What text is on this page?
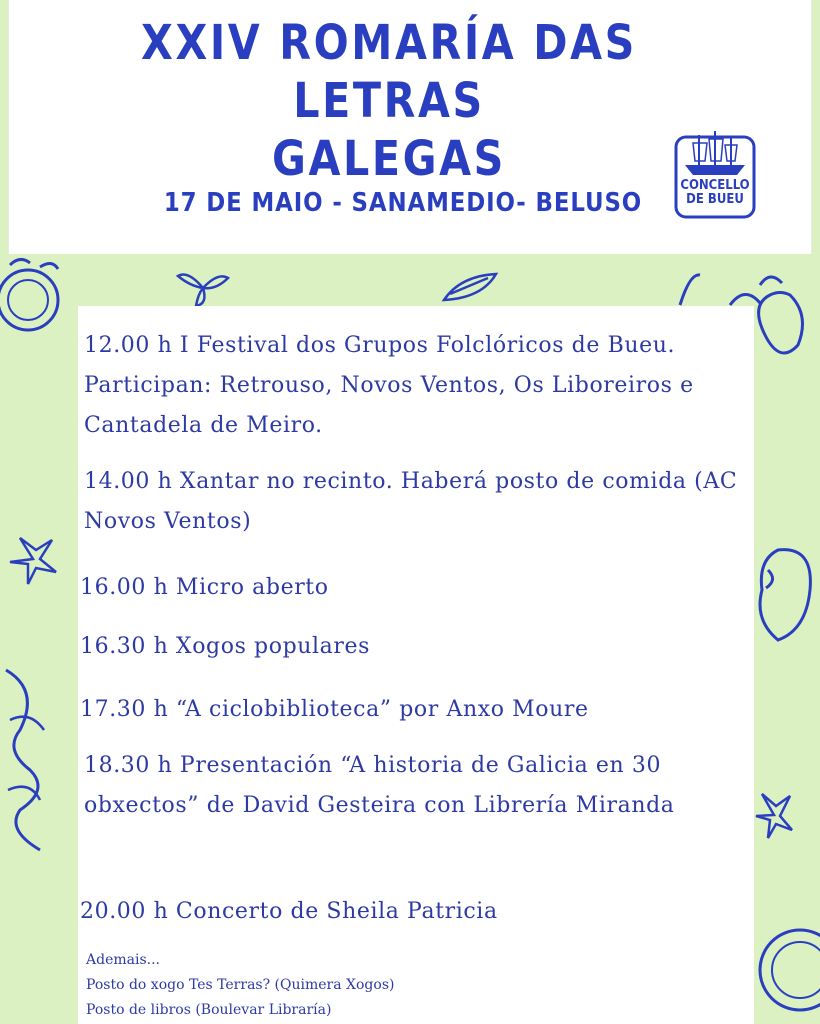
XXIV ROMARÍA DAS LETRAS
GALEGAS
17 DE MAIO - SANAMEDIO- BELUSO
CONCELLO
DE BUEU

12.00 h I Festival dos Grupos Folclóricos de Bueu. Participan: Retrouso, Novos Ventos, Os Liboreiros e Cantadela de Meiro.

14.00 h Xantar no recinto. Haberá posto de comida (AC Novos Ventos)

16.00 h Micro aberto

16.30 h Xogos populares

17.30 h “A ciclobiblioteca” por Anxo Moure

18.30 h Presentación “A historia de Galicia en 30 obxectos” de David Gesteira con Librería Miranda

20.00 h Concerto de Sheila Patricia

Ademais...

Posto do xogo Tes Terras? (Quimera Xogos)

Posto de libros (Boulevar Libraría)
